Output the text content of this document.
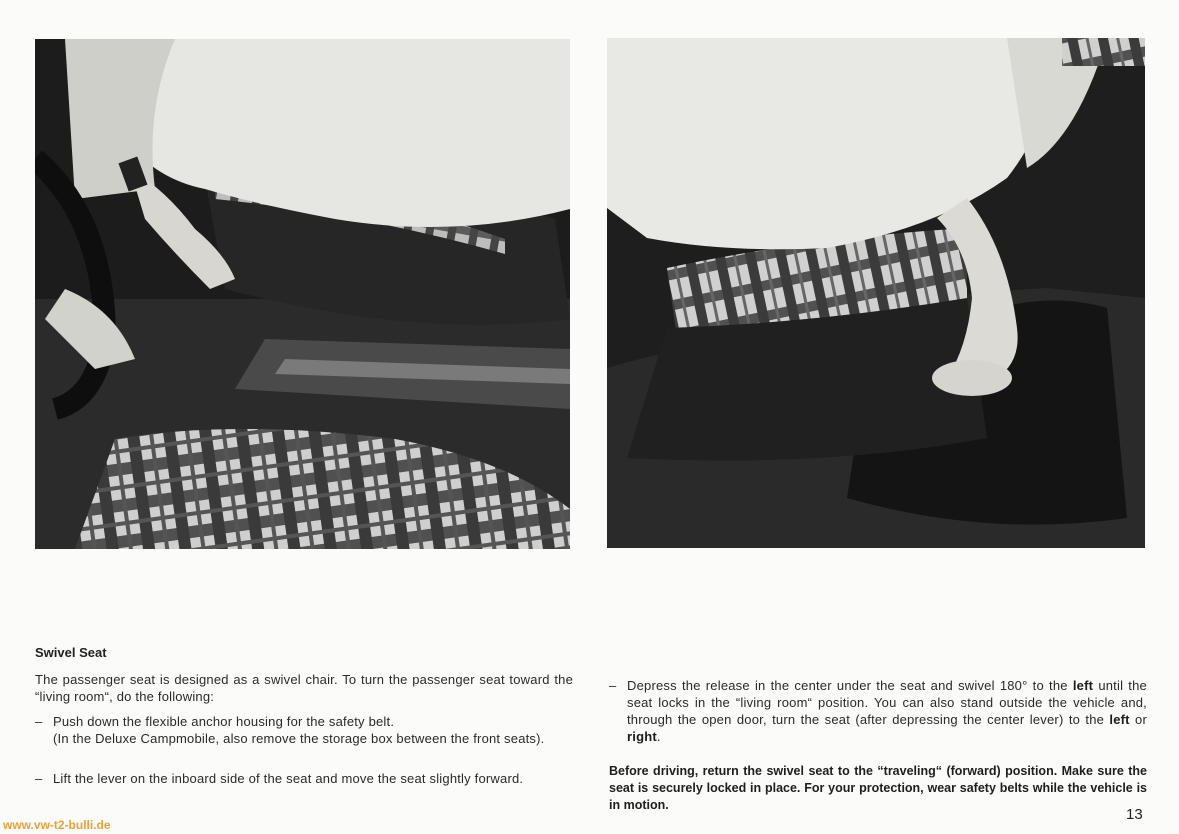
Swivel Seat
The passenger seat is designed as a swivel chair. To turn the passenger seat toward the “living room“, do the following:
– Push down the flexible anchor housing for the safety belt.
(In the Deluxe Campmobile, also remove the storage box between the front seats).
– Lift the lever on the inboard side of the seat and move the seat slightly forward.
– Depress the release in the center under the seat and swivel 180° to the left until the seat locks in the “living room“ position. You can also stand outside the vehicle and, through the open door, turn the seat (after depressing the center lever) to the left or right.
Before driving, return the swivel seat to the “traveling“ (forward) position. Make sure the seat is securely locked in place. For your protection, wear safety belts while the vehicle is in motion.
13
www.vw-t2-bulli.de
